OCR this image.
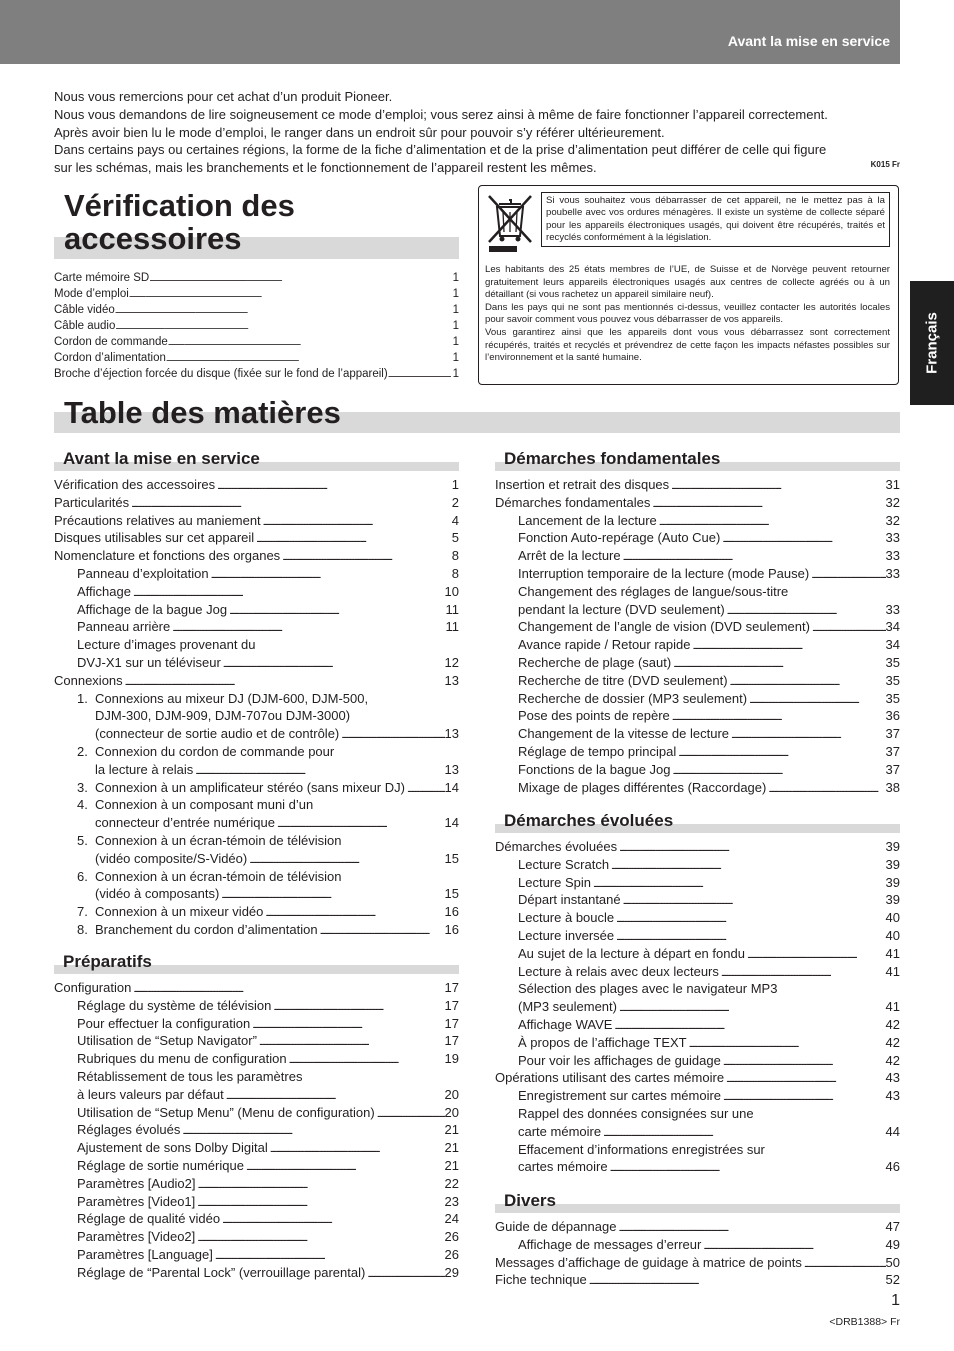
Avant la mise en service
Français
Nous vous remercions pour cet achat d’un produit Pioneer.
Nous vous demandons de lire soigneusement ce mode d’emploi; vous serez ainsi à même de faire fonctionner l’appareil correctement.
Après avoir bien lu le mode d’emploi, le ranger dans un endroit sûr pour pouvoir s’y référer ultérieurement.
Dans certains pays ou certaines régions, la forme de la fiche d’alimentation et de la prise d’alimentation peut différer de celle qui figure
sur les schémas, mais les branchements et le fonctionnement de l’appareil restent les mêmes.	K015 Fr
Vérification des
accessoires
Carte mémoire SD . . .	1
Mode d’emploi . . .	1
Câble vidéo . . .	1
Câble audio . . .	1
Cordon de commande . . .	1
Cordon d’alimentation . . .	1
Broche d’éjection forcée du disque (fixée sur le fond de l’appareil) . . .	1
Si vous souhaitez vous débarrasser de cet appareil, ne le mettez pas à la poubelle avec vos ordures ménagères. Il existe un système de collecte séparé pour les appareils électroniques usagés, qui doivent être récupérés, traités et recyclés conformément à la législation.
Les habitants des 25 états membres de l’UE, de Suisse et de Norvège peuvent retourner gratuitement leurs appareils électroniques usagés aux centres de collecte agréés ou à un détaillant (si vous rachetez un appareil similaire neuf).
Dans les pays qui ne sont pas mentionnés ci-dessus, veuillez contacter les autorités locales pour savoir comment vous pouvez vous débarrasser de vos appareils.
Vous garantirez ainsi que les appareils dont vous vous débarrassez sont correctement récupérés, traités et recyclés et prévendrez de cette façon les impacts néfastes possibles sur l’environnement et la santé humaine.
Table des matières
Avant la mise en service
Vérification des accessoires . . .	1
Particularités . . .	2
Précautions relatives au maniement . . .	4
Disques utilisables sur cet appareil . . .	5
Nomenclature et fonctions des organes . . .	8
Panneau d’exploitation . . .	8
Affichage . . .	10
Affichage de la bague Jog . . .	11
Panneau arrière . . .	11
Lecture d’images provenant du
DVJ-X1 sur un téléviseur . . .	12
Connexions . . .	13
1. Connexions au mixeur DJ (DJM-600, DJM-500,
DJM-300, DJM-909, DJM-707ou DJM-3000)
(connecteur de sortie audio et de contrôle) . . .	13
2. Connexion du cordon de commande pour
la lecture à relais . . .	13
3. Connexion à un amplificateur stéréo (sans mixeur DJ) . . .	14
4. Connexion à un composant muni d’un
connecteur d’entrée numérique . . .	14
5. Connexion à un écran-témoin de télévision
(vidéo composite/S-Vidéo) . . .	15
6. Connexion à un écran-témoin de télévision
(vidéo à composants) . . .	15
7. Connexion à un mixeur vidéo . . .	16
8. Branchement du cordon d’alimentation . . .	16
Préparatifs
Configuration . . .	17
Réglage du système de télévision . . .	17
Pour effectuer la configuration . . .	17
Utilisation de “Setup Navigator” . . .	17
Rubriques du menu de configuration . . .	19
Rétablissement de tous les paramètres
à leurs valeurs par défaut . . .	20
Utilisation de “Setup Menu” (Menu de configuration) . . .	20
Réglages évolués . . .	21
Ajustement de sons Dolby Digital . . .	21
Réglage de sortie numérique . . .	21
Paramètres [Audio2] . . .	22
Paramètres [Video1] . . .	23
Réglage de qualité vidéo . . .	24
Paramètres [Video2] . . .	26
Paramètres [Language] . . .	26
Réglage de “Parental Lock” (verrouillage parental) . . .	29
Démarches fondamentales
Insertion et retrait des disques . . .	31
Démarches fondamentales . . .	32
Lancement de la lecture . . .	32
Fonction Auto-repérage (Auto Cue) . . .	33
Arrêt de la lecture . . .	33
Interruption temporaire de la lecture (mode Pause) . . .	33
Changement des réglages de langue/sous-titre
pendant la lecture (DVD seulement) . . .	33
Changement de l’angle de vision (DVD seulement) . . .	34
Avance rapide / Retour rapide . . .	34
Recherche de plage (saut) . . .	35
Recherche de titre (DVD seulement) . . .	35
Recherche de dossier (MP3 seulement) . . .	35
Pose des points de repère . . .	36
Changement de la vitesse de lecture . . .	37
Réglage de tempo principal . . .	37
Fonctions de la bague Jog . . .	37
Mixage de plages différentes (Raccordage) . . .	38
Démarches évoluées
Démarches évoluées . . .	39
Lecture Scratch . . .	39
Lecture Spin . . .	39
Départ instantané . . .	39
Lecture à boucle . . .	40
Lecture inversée . . .	40
Au sujet de la lecture à départ en fondu . . .	41
Lecture à relais avec deux lecteurs . . .	41
Sélection des plages avec le navigateur MP3
(MP3 seulement) . . .	41
Affichage WAVE . . .	42
À propos de l’affichage TEXT . . .	42
Pour voir les affichages de guidage . . .	42
Opérations utilisant des cartes mémoire . . .	43
Enregistrement sur cartes mémoire . . .	43
Rappel des données consignées sur une
carte mémoire . . .	44
Effacement d’informations enregistrées sur
cartes mémoire . . .	46
Divers
Guide de dépannage . . .	47
Affichage de messages d’erreur . . .	49
Messages d’affichage de guidage à matrice de points . . .	50
Fiche technique . . .	52
1
<DRB1388> Fr
